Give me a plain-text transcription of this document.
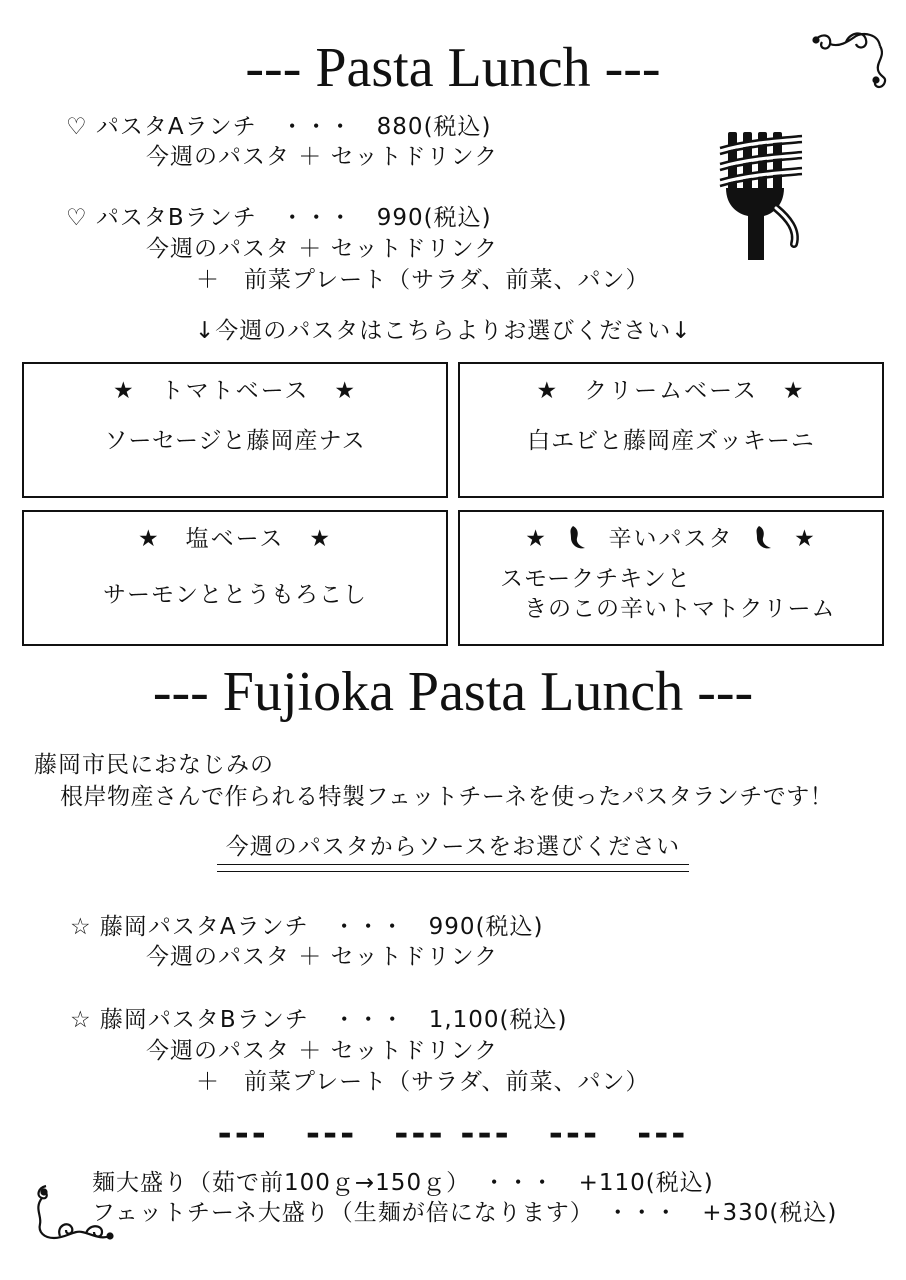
--- Pasta Lunch ---
♡ パスタAランチ　・・・　880(税込)
今週のパスタ ＋ セットドリンク
♡ パスタBランチ　・・・　990(税込)
今週のパスタ ＋ セットドリンク
＋　前菜プレート（サラダ、前菜、パン）
↓今週のパスタはこちらよりお選びください↓
★　トマトベース　★
ソーセージと藤岡産ナス
★　クリームベース　★
白エビと藤岡産ズッキーニ
★　塩ベース　★
サーモンととうもろこし
★	辛いパスタ	★
スモークチキンと
きのこの辛いトマトクリーム
--- Fujioka Pasta Lunch ---
藤岡市民におなじみの
根岸物産さんで作られる特製フェットチーネを使ったパスタランチです！
今週のパスタからソースをお選びください
☆ 藤岡パスタAランチ　・・・　990(税込)
今週のパスタ ＋ セットドリンク
☆ 藤岡パスタBランチ　・・・　1,100(税込)
今週のパスタ ＋ セットドリンク
＋　前菜プレート（サラダ、前菜、パン）
---　---　--- ---　---　---
麺大盛り（茹で前100ｇ→150ｇ）　・・・　+110(税込)
フェットチーネ大盛り（生麺が倍になります）　・・・　+330(税込)
